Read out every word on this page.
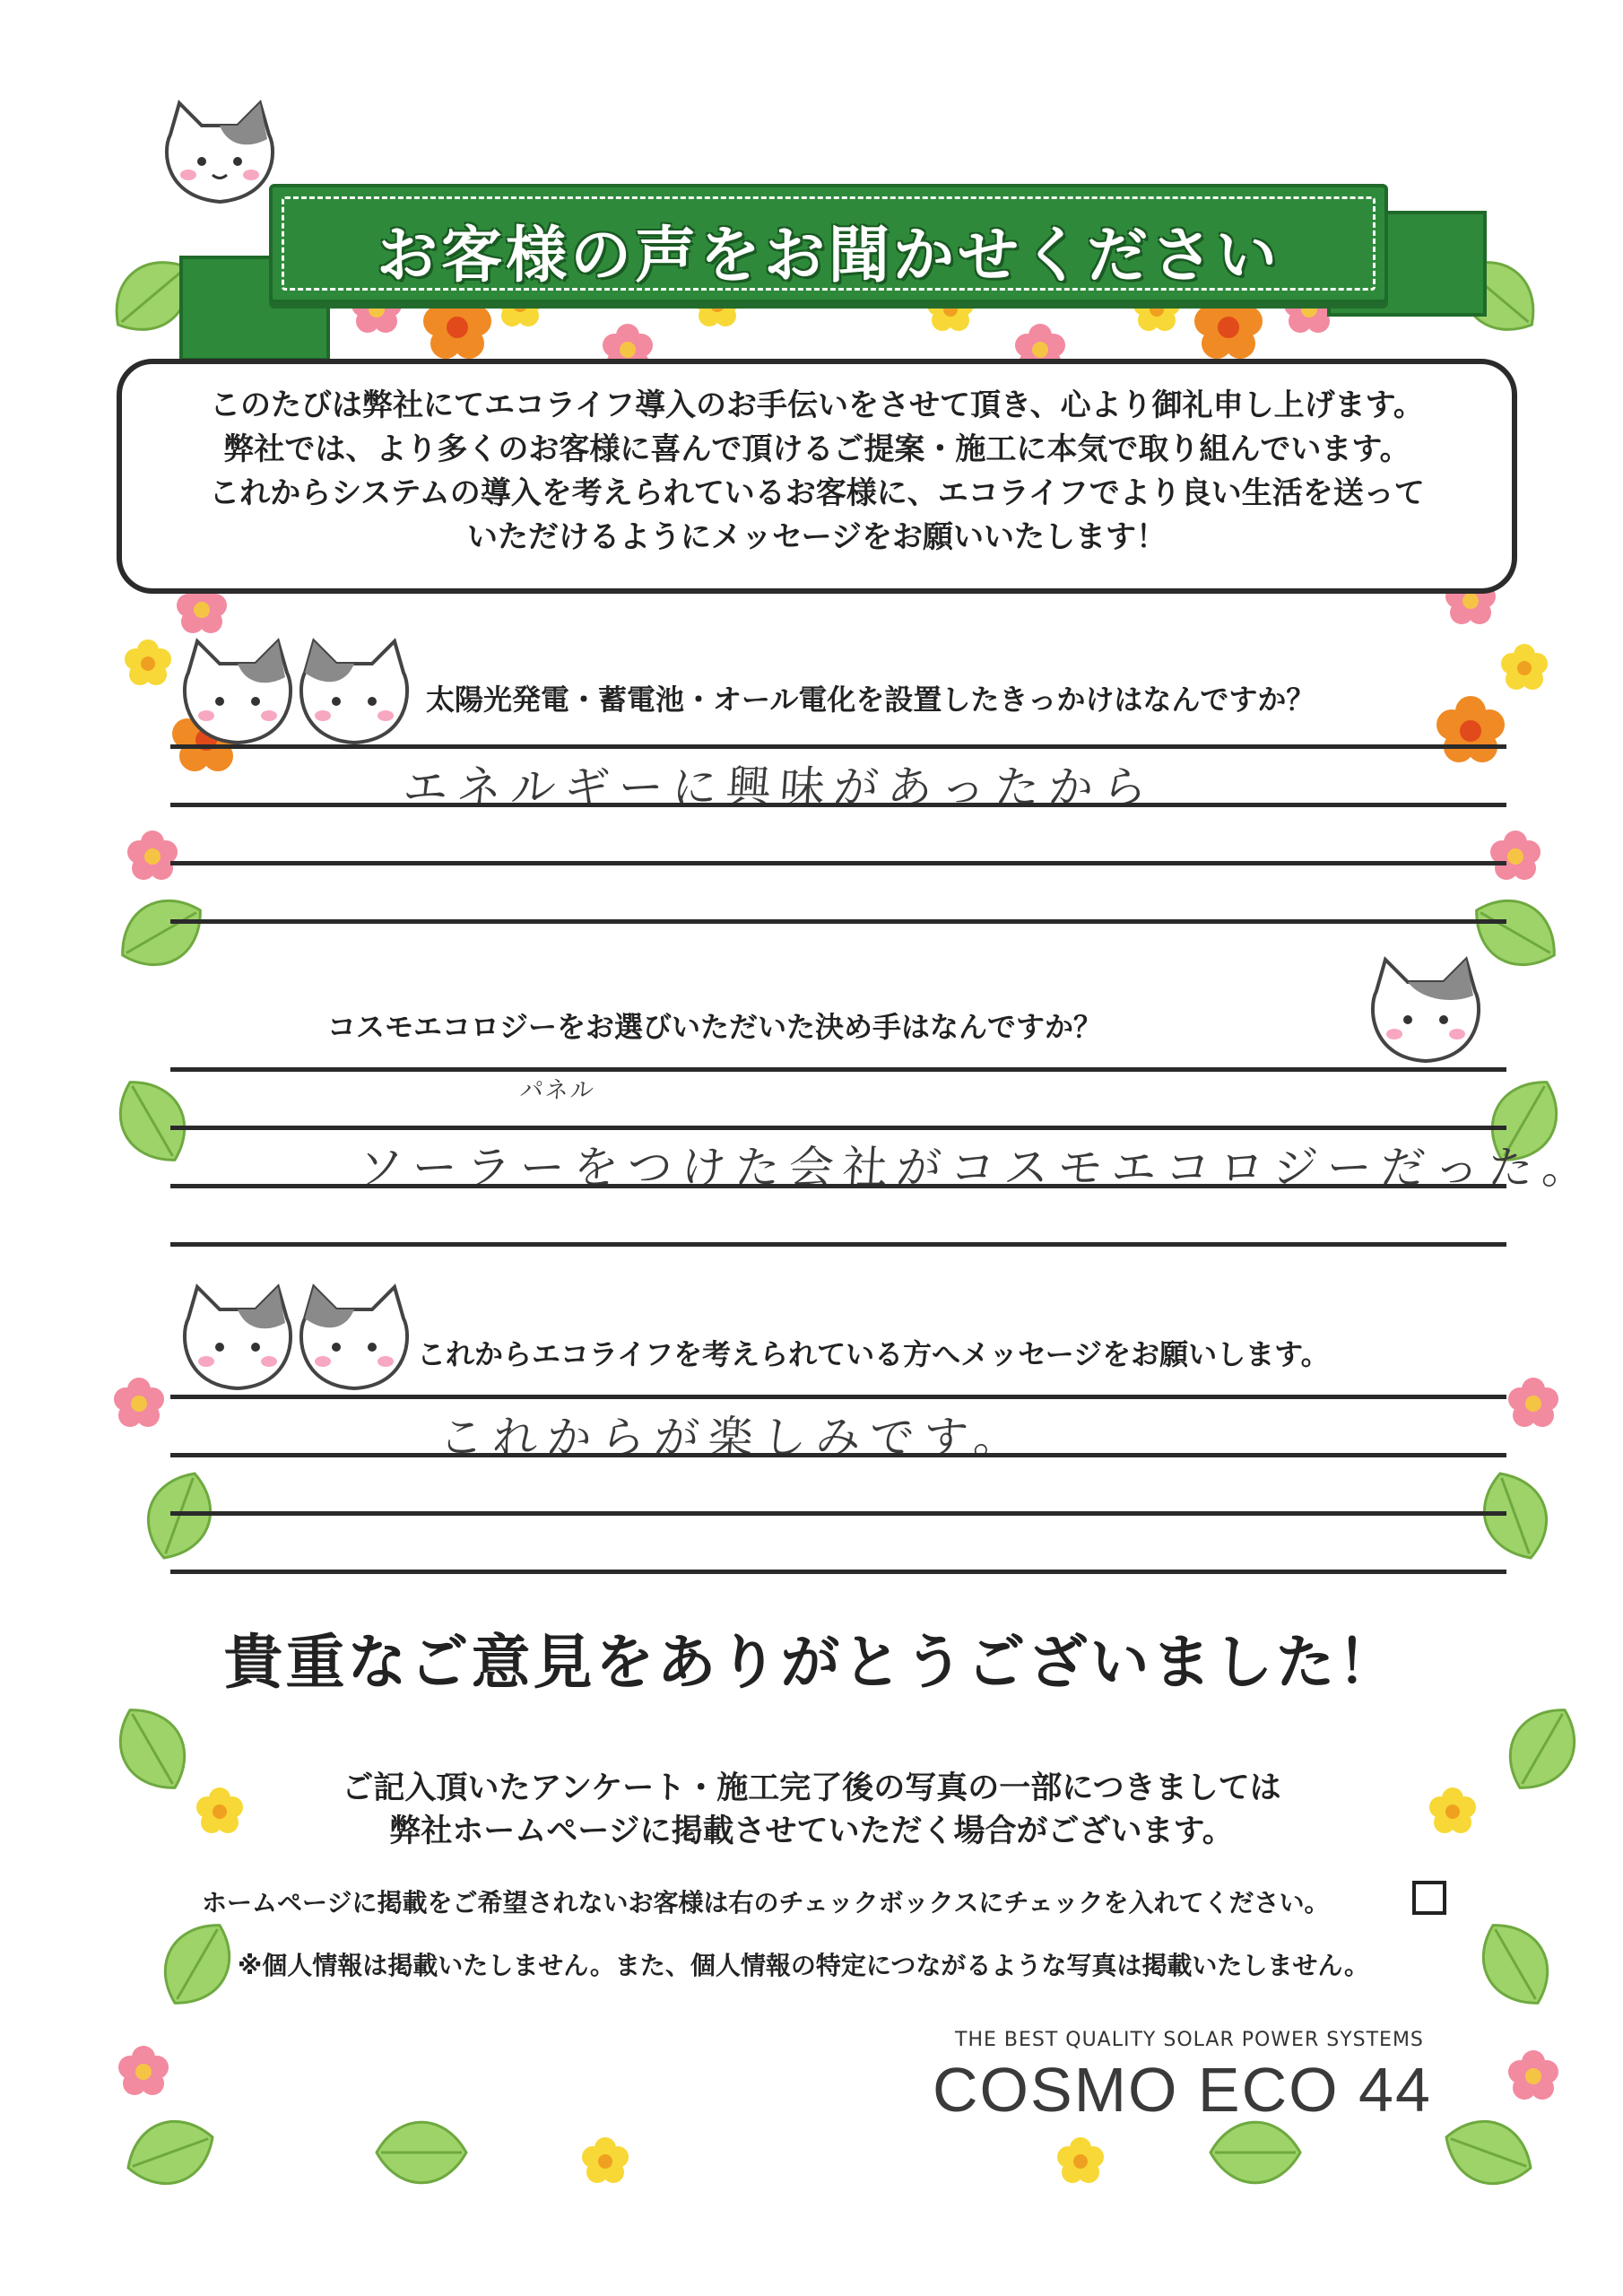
お客様の声をお聞かせください

このたびは弊社にてエコライフ導入のお手伝いをさせて頂き、心より御礼申し上げます。

弊社では、より多くのお客様に喜んで頂けるご提案・施工に本気で取り組んでいます。

これからシステムの導入を考えられているお客様に、エコライフでより良い生活を送って

いただけるようにメッセージをお願いいたします！

太陽光発電・蓄電池・オール電化を設置したきっかけはなんですか？
エネルギーに興味があったから
コスモエコロジーをお選びいただいた決め手はなんですか？
パネル
ソーラーをつけた会社がコスモエコロジーだった。
これからエコライフを考えられている方へメッセージをお願いします。
これからが楽しみです。
貴重なご意見をありがとうございました！
ご記入頂いたアンケート・施工完了後の写真の一部につきましては
弊社ホームページに掲載させていただく場合がございます。
ホームページに掲載をご希望されないお客様は右のチェックボックスにチェックを入れてください。
※個人情報は掲載いたしません。また、個人情報の特定につながるような写真は掲載いたしません。
THE BEST QUALITY SOLAR POWER SYSTEMS
COSMO ECO 44
